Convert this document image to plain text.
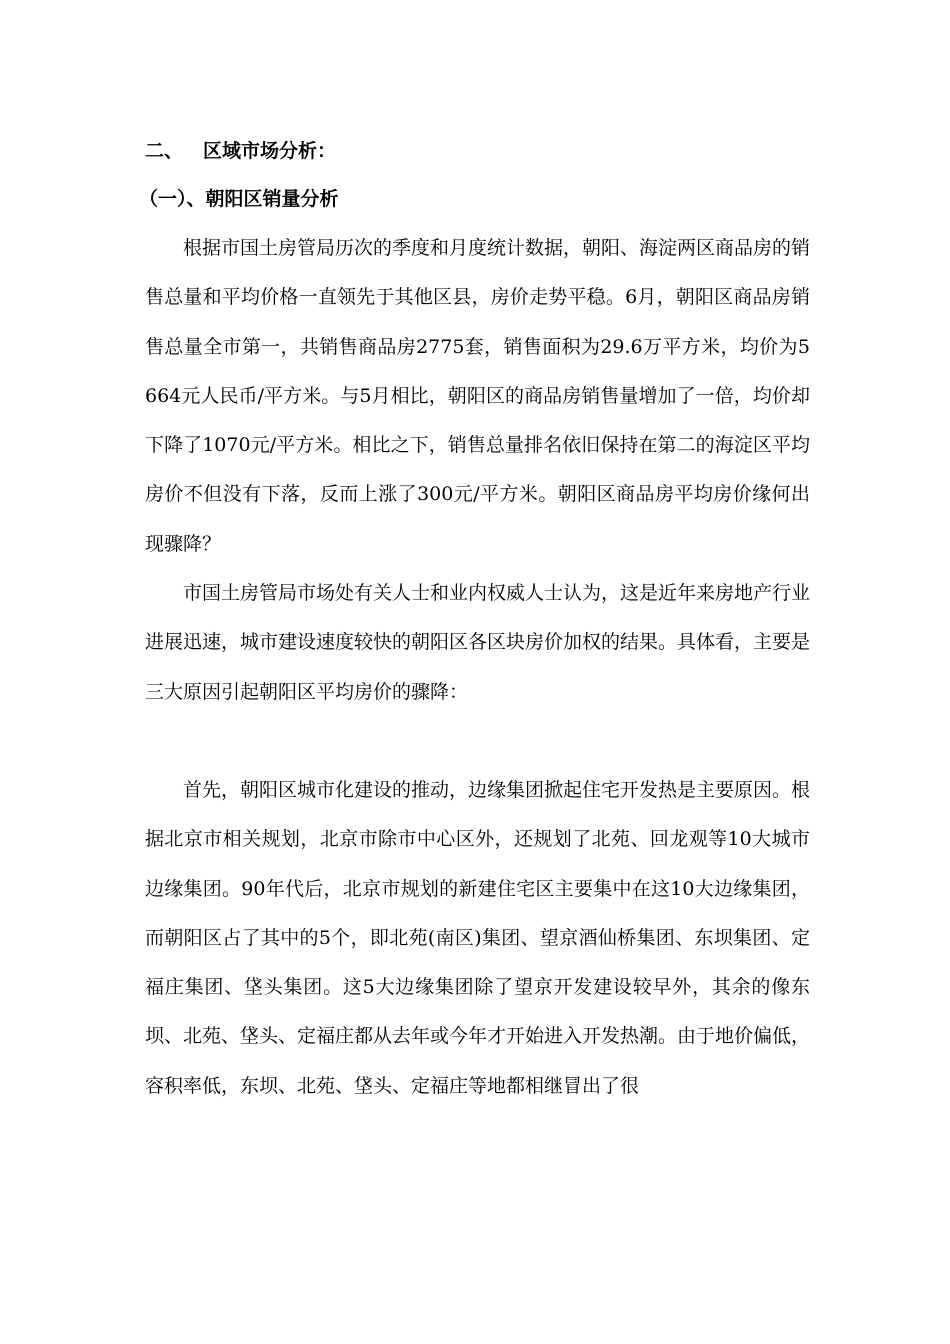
二、 区域市场分析：
（一）、朝阳区销量分析

根据市国土房管局历次的季度和月度统计数据，朝阳、海淀两区商品房的销售总量和平均价格一直领先于其他区县，房价走势平稳。6月，朝阳区商品房销售总量全市第一，共销售商品房2775套，销售面积为29.6万平方米，均价为5664元人民币/平方米。与5月相比，朝阳区的商品房销售量增加了一倍，均价却下降了1070元/平方米。相比之下，销售总量排名依旧保持在第二的海淀区平均房价不但没有下落，反而上涨了300元/平方米。朝阳区商品房平均房价缘何出现骤降？

市国土房管局市场处有关人士和业内权威人士认为，这是近年来房地产行业进展迅速，城市建设速度较快的朝阳区各区块房价加权的结果。具体看，主要是三大原因引起朝阳区平均房价的骤降：

首先，朝阳区城市化建设的推动，边缘集团掀起住宅开发热是主要原因。根据北京市相关规划，北京市除市中心区外，还规划了北苑、回龙观等10大城市边缘集团。90年代后，北京市规划的新建住宅区主要集中在这10大边缘集团，而朝阳区占了其中的5个，即北苑(南区)集团、望京酒仙桥集团、东坝集团、定福庄集团、垡头集团。这5大边缘集团除了望京开发建设较早外，其余的像东坝、北苑、垡头、定福庄都从去年或今年才开始进入开发热潮。由于地价偏低，容积率低，东坝、北苑、垡头、定福庄等地都相继冒出了很
